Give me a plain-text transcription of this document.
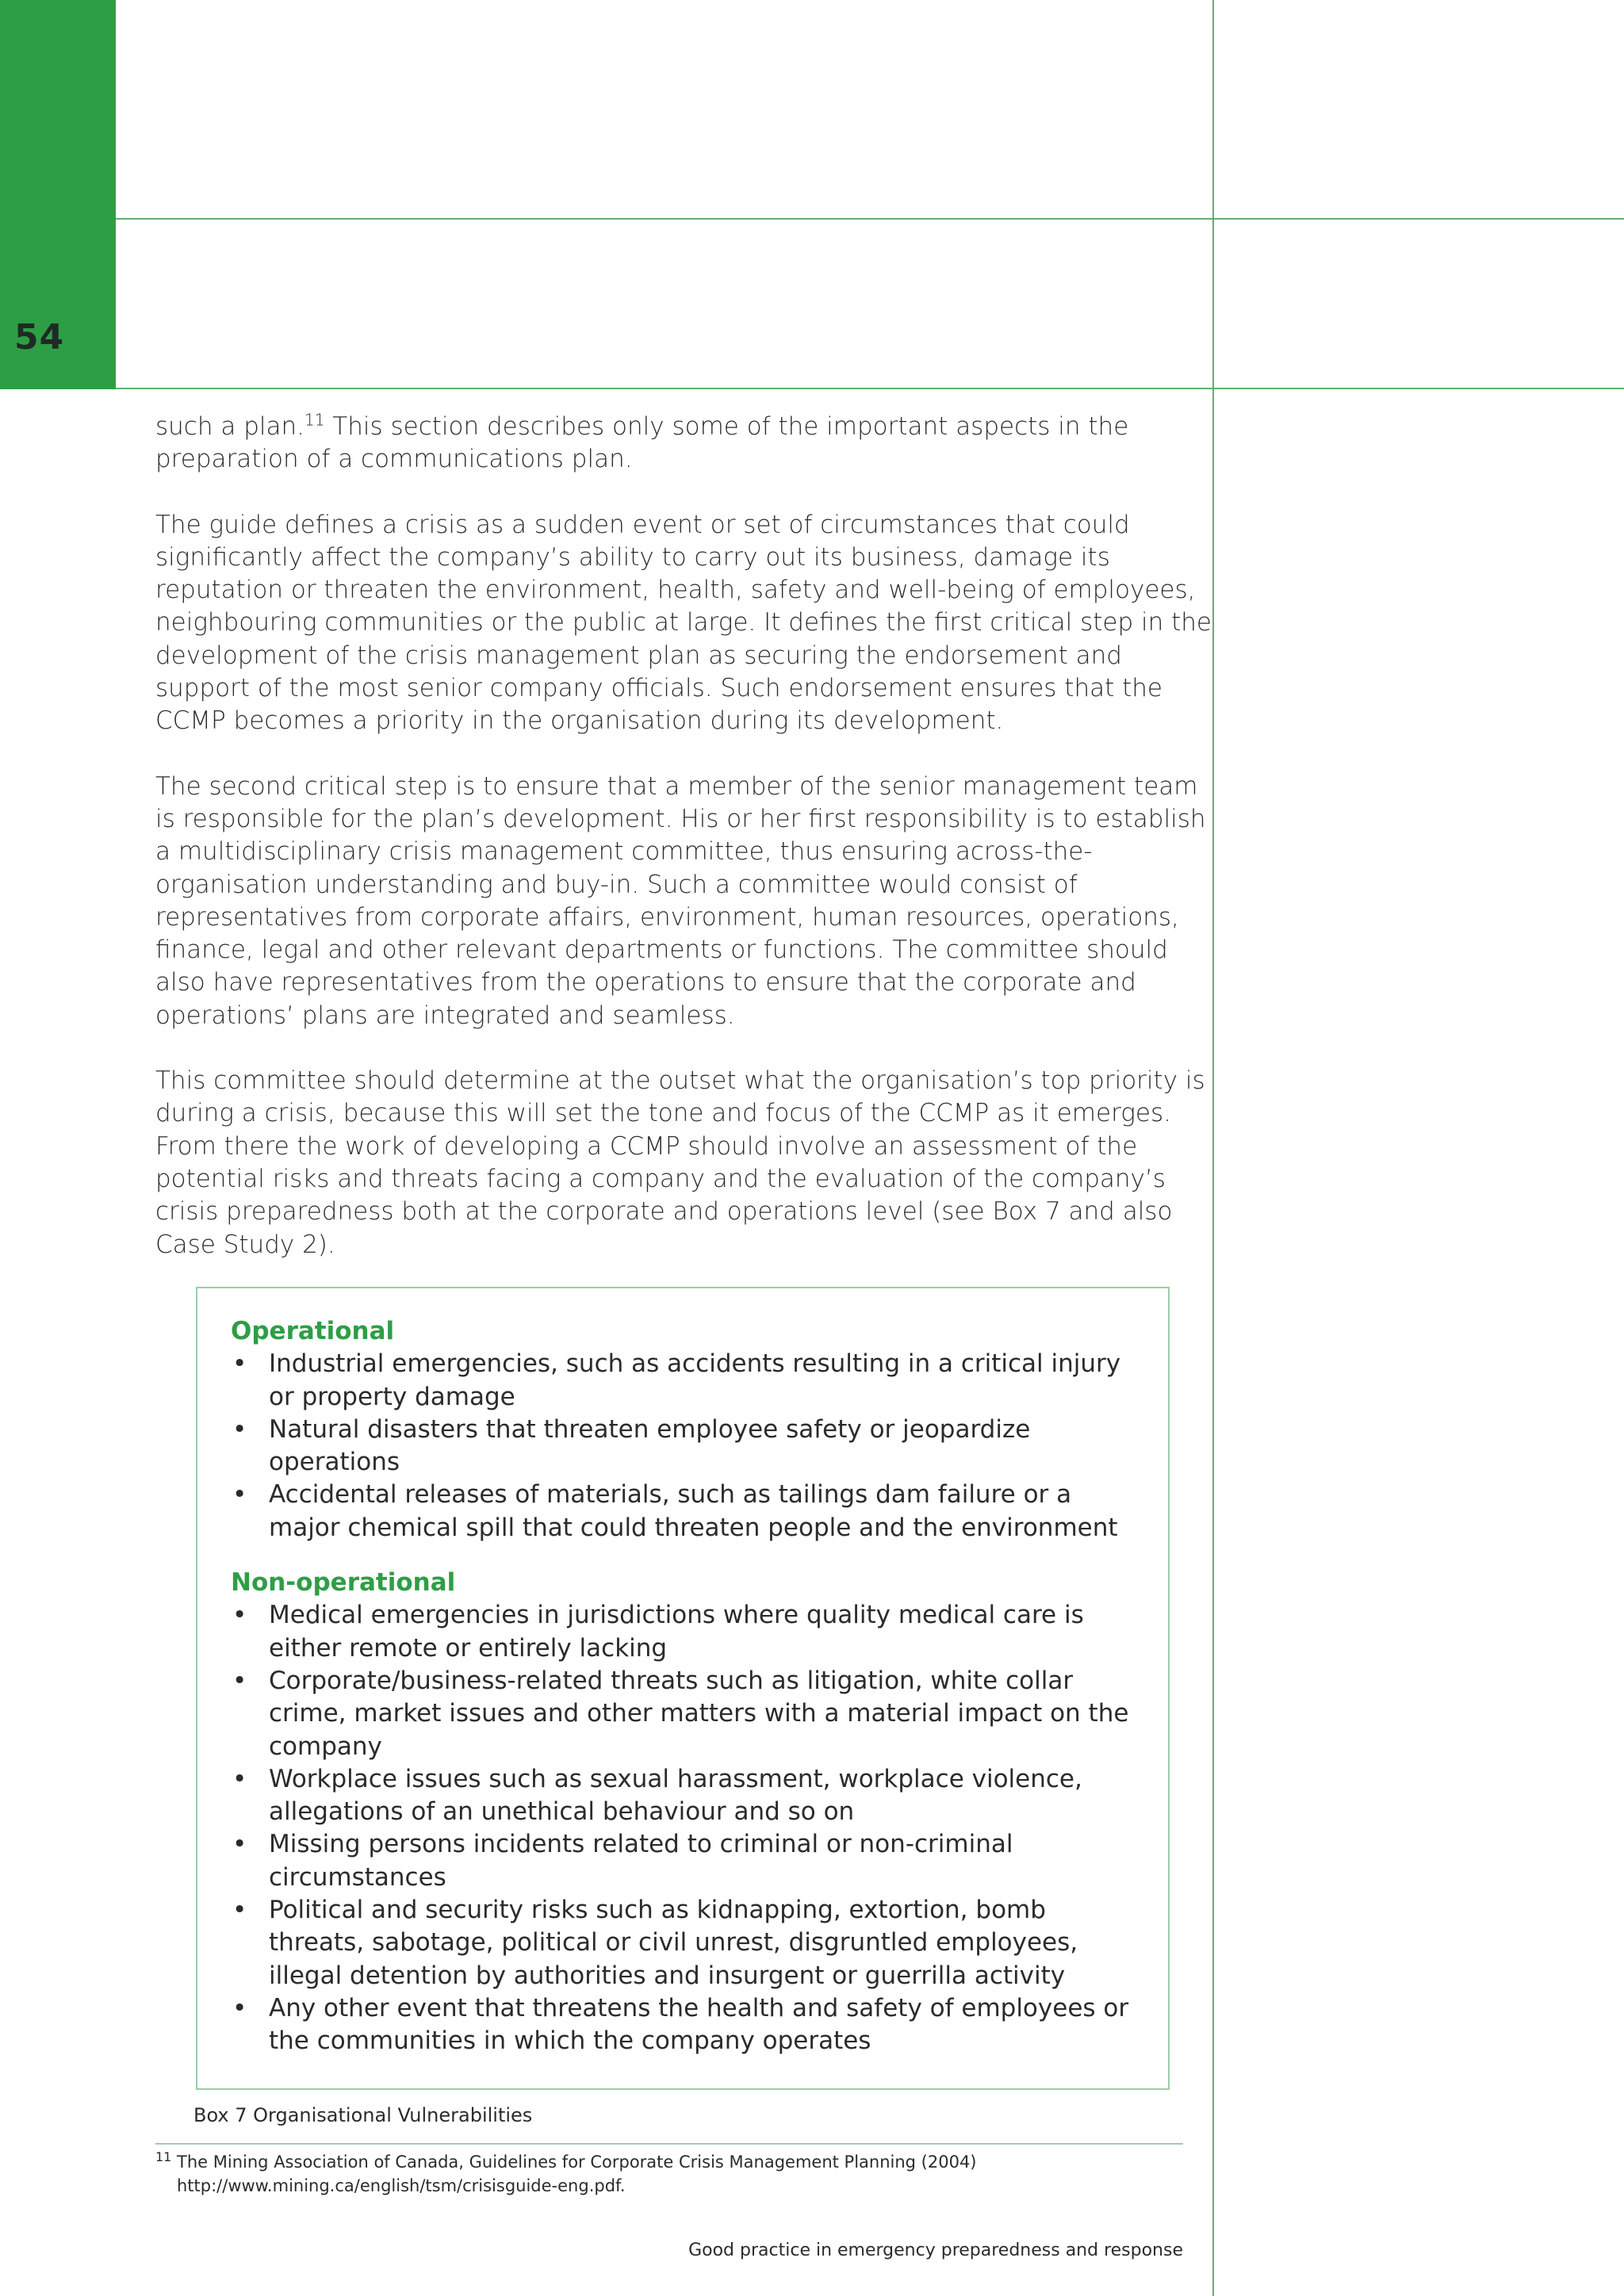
54

such a plan.$^{11}$ This section describes only some of the important aspects in the preparation of a communications plan.

The guide defines a crisis as a sudden event or set of circumstances that could significantly affect the company’s ability to carry out its business, damage its reputation or threaten the environment, health, safety and well-being of employees, neighbouring communities or the public at large. It defines the first critical step in the development of the crisis management plan as securing the endorsement and support of the most senior company officials. Such endorsement ensures that the CCMP becomes a priority in the organisation during its development.

The second critical step is to ensure that a member of the senior management team is responsible for the plan’s development. His or her first responsibility is to establish a multidisciplinary crisis management committee, thus ensuring across-the-organisation understanding and buy-in. Such a committee would consist of representatives from corporate affairs, environment, human resources, operations, finance, legal and other relevant departments or functions. The committee should also have representatives from the operations to ensure that the corporate and operations’ plans are integrated and seamless.

This committee should determine at the outset what the organisation’s top priority is during a crisis, because this will set the tone and focus of the CCMP as it emerges. From there the work of developing a CCMP should involve an assessment of the potential risks and threats facing a company and the evaluation of the company’s crisis preparedness both at the corporate and operations level (see Box 7 and also Case Study 2).

Operational
• Industrial emergencies, such as accidents resulting in a critical injury or property damage
• Natural disasters that threaten employee safety or jeopardize operations
• Accidental releases of materials, such as tailings dam failure or a major chemical spill that could threaten people and the environment
Non-operational
• Medical emergencies in jurisdictions where quality medical care is either remote or entirely lacking
• Corporate/business-related threats such as litigation, white collar crime, market issues and other matters with a material impact on the company
• Workplace issues such as sexual harassment, workplace violence, allegations of an unethical behaviour and so on
• Missing persons incidents related to criminal or non-criminal circumstances
• Political and security risks such as kidnapping, extortion, bomb threats, sabotage, political or civil unrest, disgruntled employees, illegal detention by authorities and insurgent or guerrilla activity
• Any other event that threatens the health and safety of employees or the communities in which the company operates
Box 7 Organisational Vulnerabilities
$^{11}$ The Mining Association of Canada, Guidelines for Corporate Crisis Management Planning (2004)
http://www.mining.ca/english/tsm/crisisguide-eng.pdf.
Good practice in emergency preparedness and response
